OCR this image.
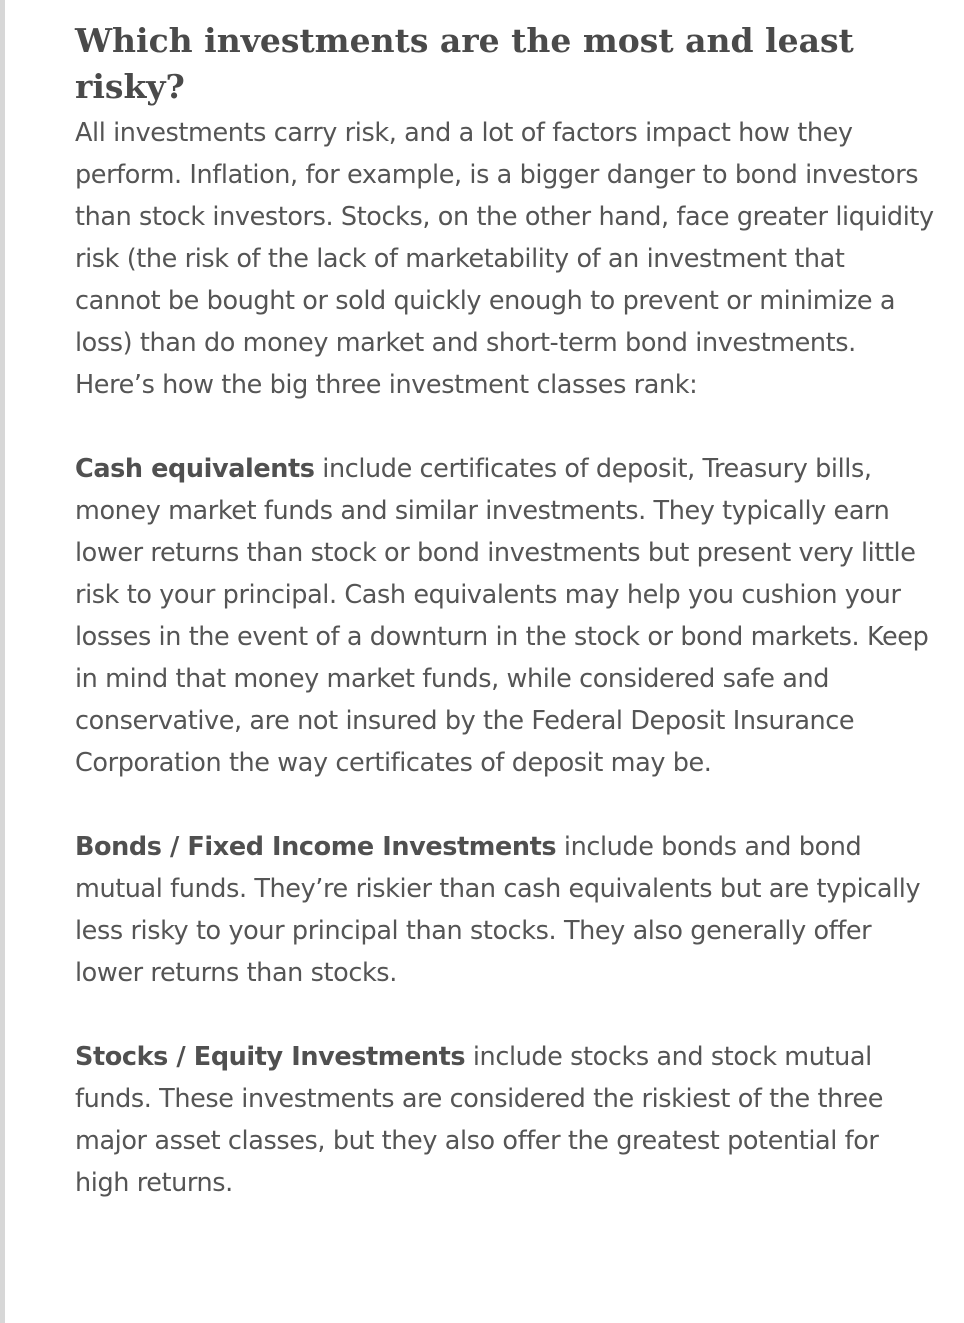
Which investments are the most and least risky?

All investments carry risk, and a lot of factors impact how they perform. Inflation, for example, is a bigger danger to bond investors than stock investors. Stocks, on the other hand, face greater liquidity risk (the risk of the lack of marketability of an investment that cannot be bought or sold quickly enough to prevent or minimize a loss) than do money market and short-term bond investments. Here’s how the big three investment classes rank:

Cash equivalents include certificates of deposit, Treasury bills, money market funds and similar investments. They typically earn lower returns than stock or bond investments but present very little risk to your principal. Cash equivalents may help you cushion your losses in the event of a downturn in the stock or bond markets. Keep in mind that money market funds, while considered safe and conservative, are not insured by the Federal Deposit Insurance Corporation the way certificates of deposit may be.

Bonds / Fixed Income Investments include bonds and bond mutual funds. They’re riskier than cash equivalents but are typically less risky to your principal than stocks. They also generally offer lower returns than stocks.

Stocks / Equity Investments include stocks and stock mutual funds. These investments are considered the riskiest of the three major asset classes, but they also offer the greatest potential for high returns.
